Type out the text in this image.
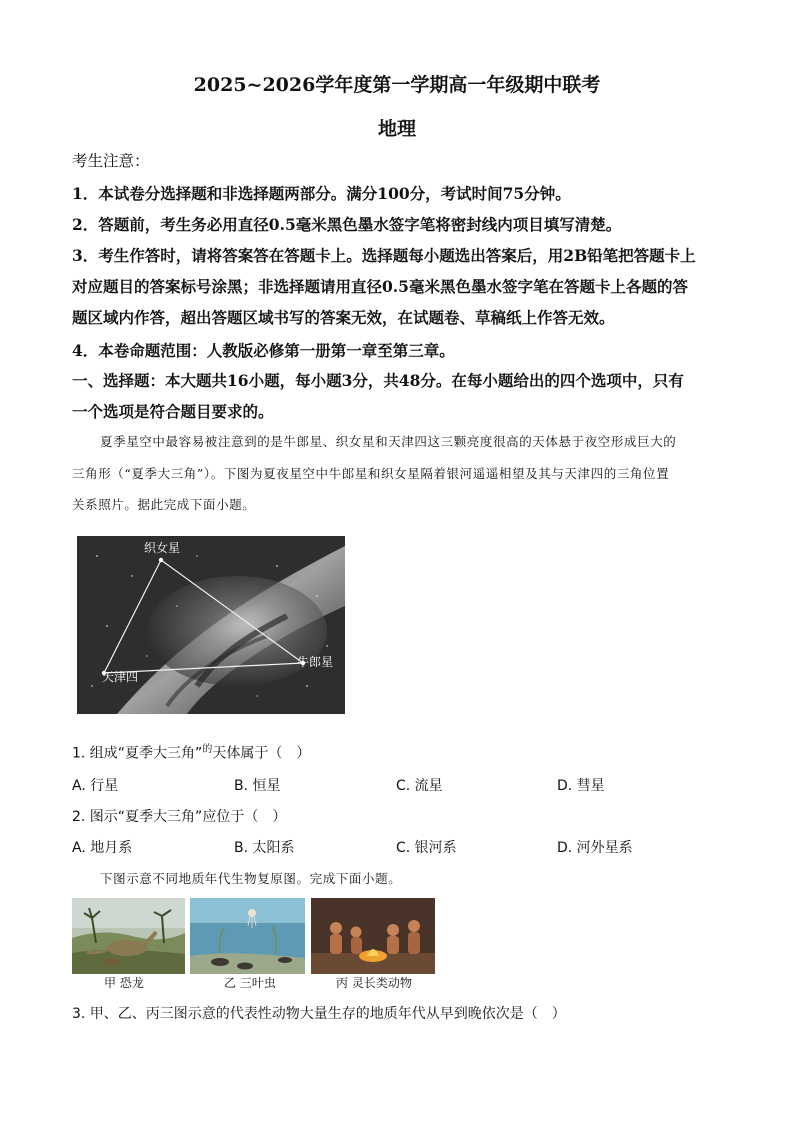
2025~2026学年度第一学期高一年级期中联考
地理
考生注意：
1．本试卷分选择题和非选择题两部分。满分100分，考试时间75分钟。
2．答题前，考生务必用直径0.5毫米黑色墨水签字笔将密封线内项目填写清楚。
3．考生作答时，请将答案答在答题卡上。选择题每小题选出答案后，用2B铅笔把答题卡上
对应题目的答案标号涂黑；非选择题请用直径0.5毫米黑色墨水签字笔在答题卡上各题的答
题区域内作答，超出答题区域书写的答案无效，在试题卷、草稿纸上作答无效。
4．本卷命题范围：人教版必修第一册第一章至第三章。
一、选择题：本大题共16小题，每小题3分，共48分。在每小题给出的四个选项中，只有
一个选项是符合题目要求的。
夏季星空中最容易被注意到的是牛郎星、织女星和天津四这三颗亮度很高的天体悬于夜空形成巨大的
三角形（“夏季大三角”）。下图为夏夜星空中牛郎星和织女星隔着银河遥遥相望及其与天津四的三角位置
关系照片。据此完成下面小题。
织女星
牛郎星
天津四
1. 组成“夏季大三角”$^的$天体属于（　）
A. 行星	B. 恒星	C. 流星	D. 彗星
2. 图示“夏季大三角”应位于（　）
A. 地月系	B. 太阳系	C. 银河系	D. 河外星系
下图示意不同地质年代生物复原图。完成下面小题。
甲 恐龙	乙 三叶虫	丙 灵长类动物
3. 甲、乙、丙三图示意的代表性动物大量生存的地质年代从早到晚依次是（　）
